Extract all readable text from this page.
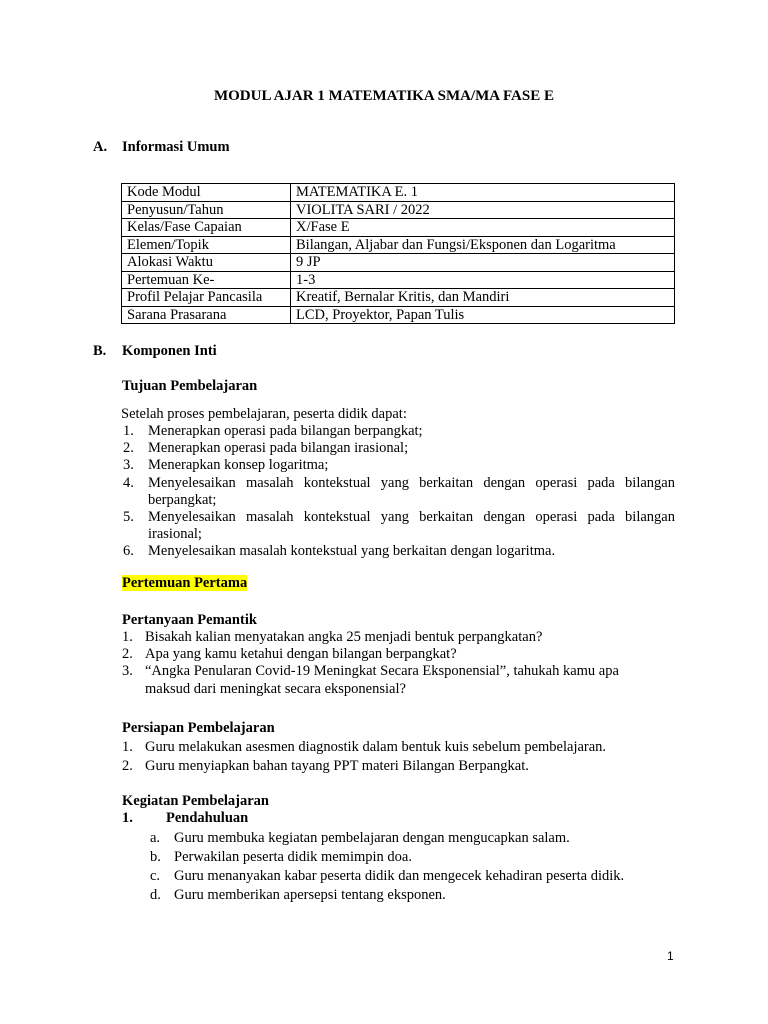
MODUL AJAR 1 MATEMATIKA SMA/MA FASE E
A. Informasi Umum
Kode Modul	MATEMATIKA E. 1
Penyusun/Tahun	VIOLITA SARI / 2022
Kelas/Fase Capaian	X/Fase E
Elemen/Topik	Bilangan, Aljabar dan Fungsi/Eksponen dan Logaritma
Alokasi Waktu	9 JP
Pertemuan Ke-	1-3
Profil Pelajar Pancasila	Kreatif, Bernalar Kritis, dan Mandiri
Sarana Prasarana	LCD, Proyektor, Papan Tulis
B. Komponen Inti
Tujuan Pembelajaran
Setelah proses pembelajaran, peserta didik dapat:
1. Menerapkan operasi pada bilangan berpangkat;
2. Menerapkan operasi pada bilangan irasional;
3. Menerapkan konsep logaritma;
4. Menyelesaikan masalah kontekstual yang berkaitan dengan operasi pada bilangan berpangkat;
5. Menyelesaikan masalah kontekstual yang berkaitan dengan operasi pada bilangan irasional;
6. Menyelesaikan masalah kontekstual yang berkaitan dengan logaritma.
Pertemuan Pertama
Pertanyaan Pemantik
1. Bisakah kalian menyatakan angka 25 menjadi bentuk perpangkatan?
2. Apa yang kamu ketahui dengan bilangan berpangkat?
3. “Angka Penularan Covid-19 Meningkat Secara Eksponensial”, tahukah kamu apa maksud dari meningkat secara eksponensial?
Persiapan Pembelajaran
1. Guru melakukan asesmen diagnostik dalam bentuk kuis sebelum pembelajaran.
2. Guru menyiapkan bahan tayang PPT materi Bilangan Berpangkat.
Kegiatan Pembelajaran
1. Pendahuluan
a. Guru membuka kegiatan pembelajaran dengan mengucapkan salam.
b. Perwakilan peserta didik memimpin doa.
c. Guru menanyakan kabar peserta didik dan mengecek kehadiran peserta didik.
d. Guru memberikan apersepsi tentang eksponen.
1
